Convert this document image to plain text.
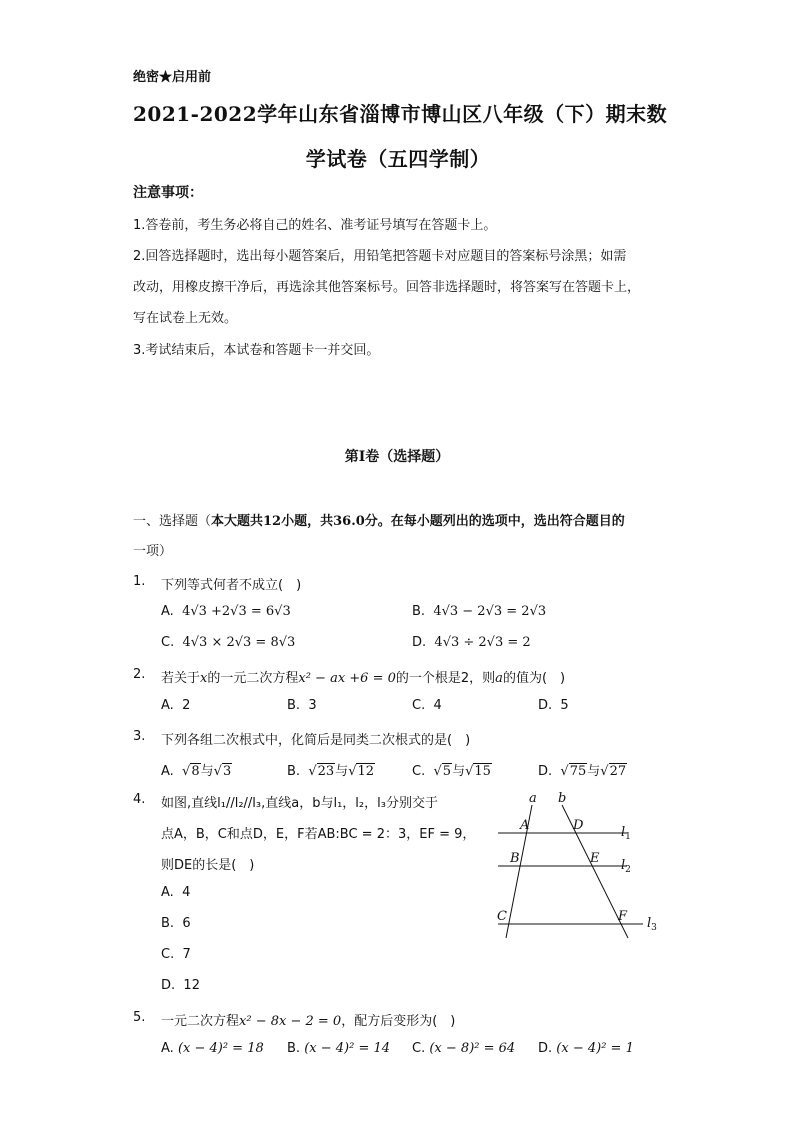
绝密★启用前
2021-2022学年山东省淄博市博山区八年级（下）期末数
学试卷（五四学制）
注意事项：
1.答卷前，考生务必将自己的姓名、准考证号填写在答题卡上。
2.回答选择题时，选出每小题答案后，用铅笔把答题卡对应题目的答案标号涂黑；如需
改动，用橡皮擦干净后，再选涂其他答案标号。回答非选择题时，将答案写在答题卡上，
写在试卷上无效。
3.考试结束后，本试卷和答题卡一并交回。
第Ⅰ卷（选择题）
一、选择题（本大题共12小题，共36.0分。在每小题列出的选项中，选出符合题目的
一项）
1. 下列等式何者不成立(　)
A. 4√3 +2√3 = 6√3	B. 4√3 − 2√3 = 2√3
C. 4√3 × 2√3 = 8√3	D. 4√3 ÷ 2√3 = 2
2. 若关于x的一元二次方程x² − ax +6 = 0的一个根是2，则a的值为(　)
A. 2	B. 3	C. 4	D. 5
3. 下列各组二次根式中，化简后是同类二次根式的是(　)
A.  √8与√3	B.  √23与√12	C.  √5与√15	D.  √75与√27
4. 如图,直线l₁//l₂//l₃,直线a，b与l₁，l₂，l₃分别交于
点A，B，C和点D，E，F若AB:BC = 2：3，EF = 9，
则DE的长是(　)
A. 4
B. 6
C. 7
D. 12
a b
A	D
B	E
C	F
$l_1$
$l_2$
$l_3$
5. 一元二次方程x² − 8x − 2 = 0，配方后变形为(　)
A. (x − 4)² = 18 B. (x − 4)² = 14 C. (x − 8)² = 64 D. (x − 4)² = 1
